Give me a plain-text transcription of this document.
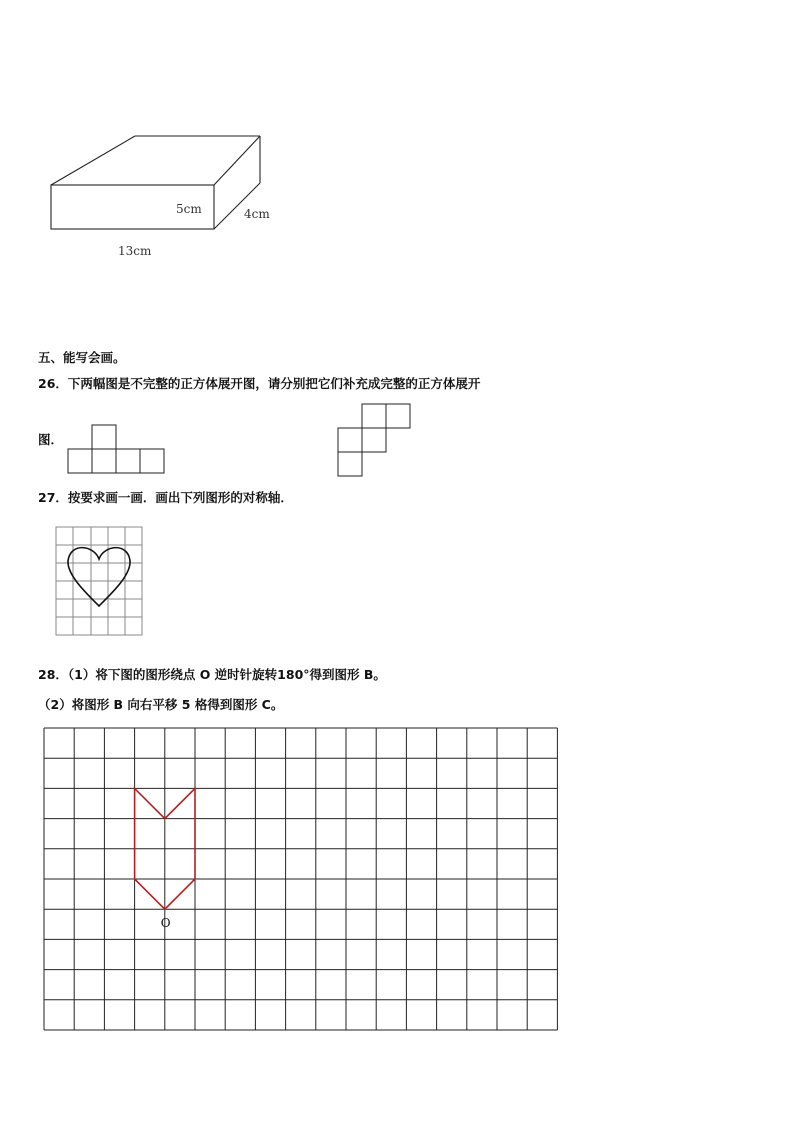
5cm	4cm
13cm
五、能写会画。
26．下两幅图是不完整的正方体展开图，请分别把它们补充成完整的正方体展开
图．
27．按要求画一画．画出下列图形的对称轴．
28．（1）将下图的图形绕点 O 逆时针旋转180°得到图形 B。
（2）将图形 B 向右平移 5 格得到图形 C。
O
